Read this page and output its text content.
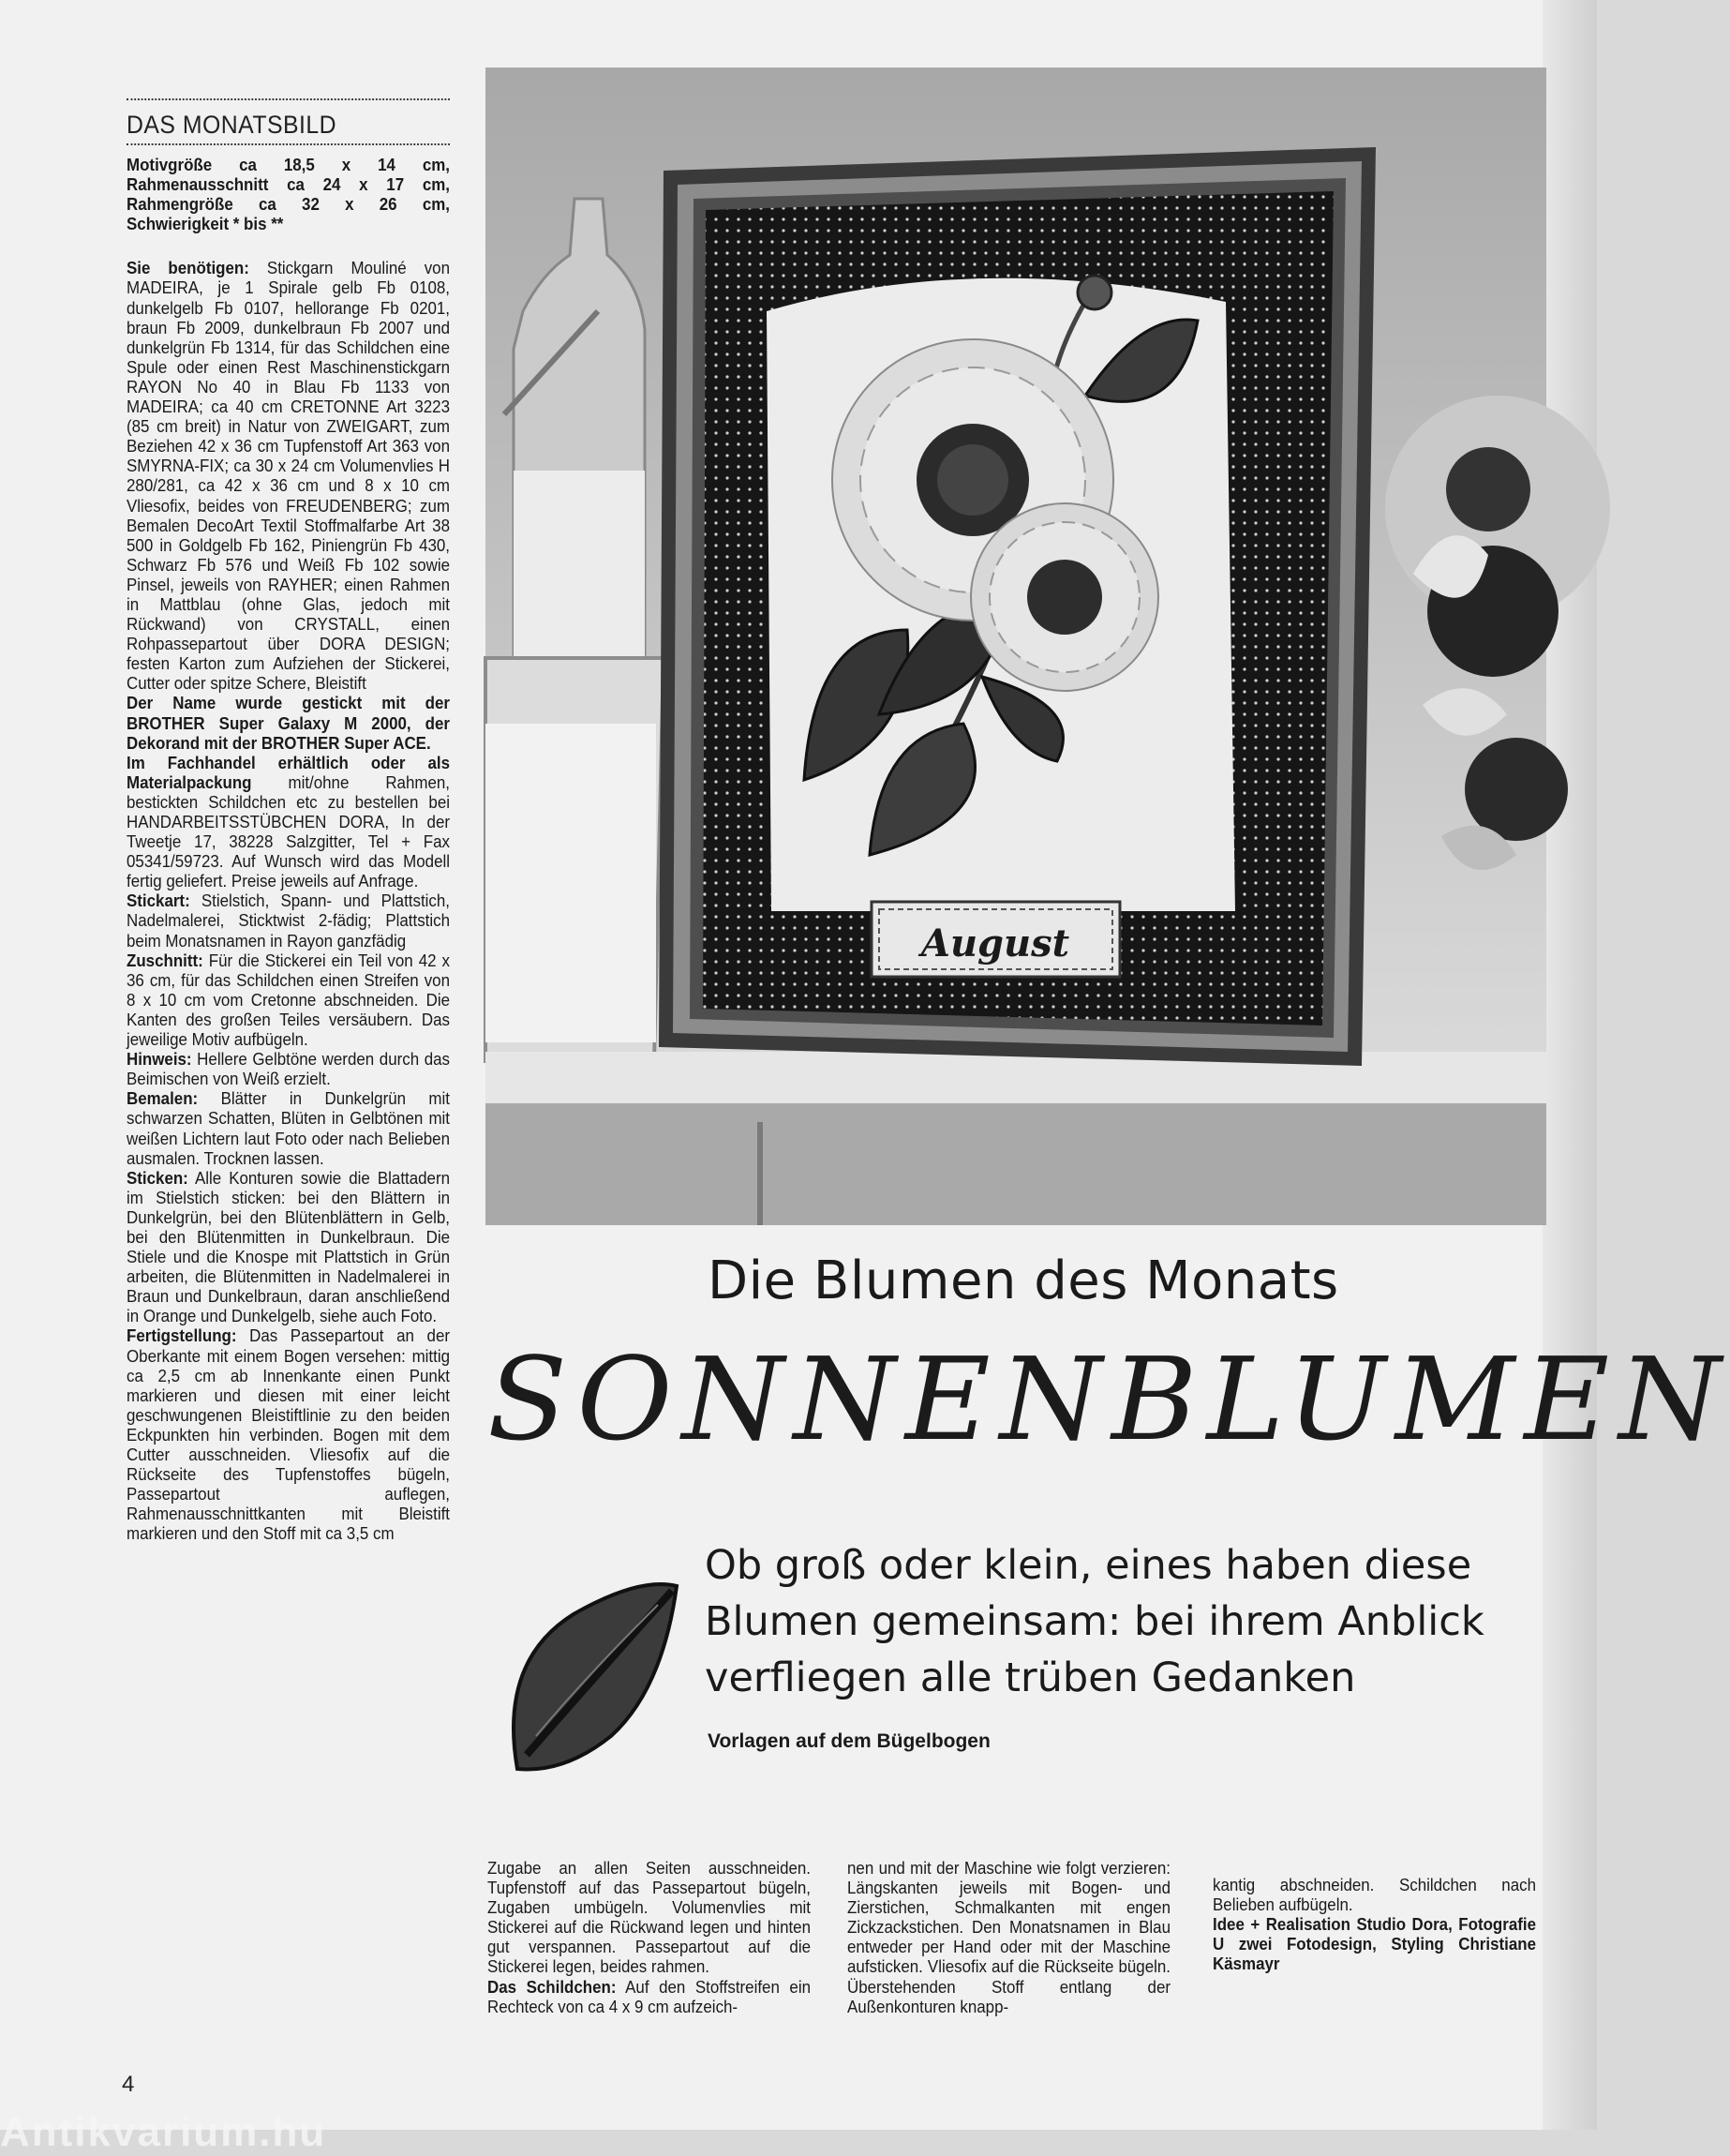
DAS MONATSBILD

Motivgröße ca 18,5 x 14 cm, Rahmenausschnitt ca 24 x 17 cm, Rahmengröße ca 32 x 26 cm, Schwierigkeit * bis **

Sie benötigen: Stickgarn Mouliné von MADEIRA, je 1 Spirale gelb Fb 0108, dunkelgelb Fb 0107, hellorange Fb 0201, braun Fb 2009, dunkelbraun Fb 2007 und dunkelgrün Fb 1314, für das Schildchen eine Spule oder einen Rest Maschinenstickgarn RAYON No 40 in Blau Fb 1133 von MADEIRA; ca 40 cm CRETONNE Art 3223 (85 cm breit) in Natur von ZWEIGART, zum Beziehen 42 x 36 cm Tupfenstoff Art 363 von SMYRNA-FIX; ca 30 x 24 cm Volumenvlies H 280/281, ca 42 x 36 cm und 8 x 10 cm Vliesofix, beides von FREUDENBERG; zum Bemalen DecoArt Textil Stoffmalfarbe Art 38 500 in Goldgelb Fb 162, Piniengrün Fb 430, Schwarz Fb 576 und Weiß Fb 102 sowie Pinsel, jeweils von RAYHER; einen Rahmen in Mattblau (ohne Glas, jedoch mit Rückwand) von CRYSTALL, einen Rohpassepartout über DORA DESIGN; festen Karton zum Aufziehen der Stickerei, Cutter oder spitze Schere, Bleistift

Der Name wurde gestickt mit der BROTHER Super Galaxy M 2000, der Dekorand mit der BROTHER Super ACE.

Im Fachhandel erhältlich oder als Materialpackung mit/ohne Rahmen, bestickten Schildchen etc zu bestellen bei HANDARBEITSSTÜBCHEN DORA, In der Tweetje 17, 38228 Salzgitter, Tel + Fax 05341/59723. Auf Wunsch wird das Modell fertig geliefert. Preise jeweils auf Anfrage.

Stickart: Stielstich, Spann- und Plattstich, Nadelmalerei, Sticktwist 2-fädig; Plattstich beim Monatsnamen in Rayon ganzfädig

Zuschnitt: Für die Stickerei ein Teil von 42 x 36 cm, für das Schildchen einen Streifen von 8 x 10 cm vom Cretonne abschneiden. Die Kanten des großen Teiles versäubern. Das jeweilige Motiv aufbügeln.

Hinweis: Hellere Gelbtöne werden durch das Beimischen von Weiß erzielt.

Bemalen: Blätter in Dunkelgrün mit schwarzen Schatten, Blüten in Gelbtönen mit weißen Lichtern laut Foto oder nach Belieben ausmalen. Trocknen lassen.

Sticken: Alle Konturen sowie die Blattadern im Stielstich sticken: bei den Blättern in Dunkelgrün, bei den Blütenblättern in Gelb, bei den Blütenmitten in Dunkelbraun. Die Stiele und die Knospe mit Plattstich in Grün arbeiten, die Blütenmitten in Nadelmalerei in Braun und Dunkelbraun, daran anschließend in Orange und Dunkelgelb, siehe auch Foto.

Fertigstellung: Das Passepartout an der Oberkante mit einem Bogen versehen: mittig ca 2,5 cm ab Innenkante einen Punkt markieren und diesen mit einer leicht geschwungenen Bleistiftlinie zu den beiden Eckpunkten hin verbinden. Bogen mit dem Cutter ausschneiden. Vliesofix auf die Rückseite des Tupfenstoffes bügeln, Passepartout auflegen, Rahmenausschnittkanten mit Bleistift markieren und den Stoff mit ca 3,5 cm

August
Die Blumen des Monats
SONNENBLUMEN
Ob groß oder klein, eines haben diese
Blumen gemeinsam: bei ihrem Anblick
verfliegen alle trüben Gedanken
Vorlagen auf dem Bügelbogen

Zugabe an allen Seiten ausschneiden. Tupfenstoff auf das Passepartout bügeln, Zugaben umbügeln. Volumenvlies mit Stickerei auf die Rückwand legen und hinten gut verspannen. Passepartout auf die Stickerei legen, beides rahmen.

Das Schildchen: Auf den Stoffstreifen ein Rechteck von ca 4 x 9 cm aufzeich-

nen und mit der Maschine wie folgt verzieren: Längskanten jeweils mit Bogen- und Zierstichen, Schmalkanten mit engen Zickzackstichen. Den Monatsnamen in Blau entweder per Hand oder mit der Maschine aufsticken. Vliesofix auf die Rückseite bügeln. Überstehenden Stoff entlang der Außenkonturen knapp-

kantig abschneiden. Schildchen nach Belieben aufbügeln.

Idee + Realisation Studio Dora, Fotografie U zwei Fotodesign, Styling Christiane Käsmayr

4
Antikvarium.hu
